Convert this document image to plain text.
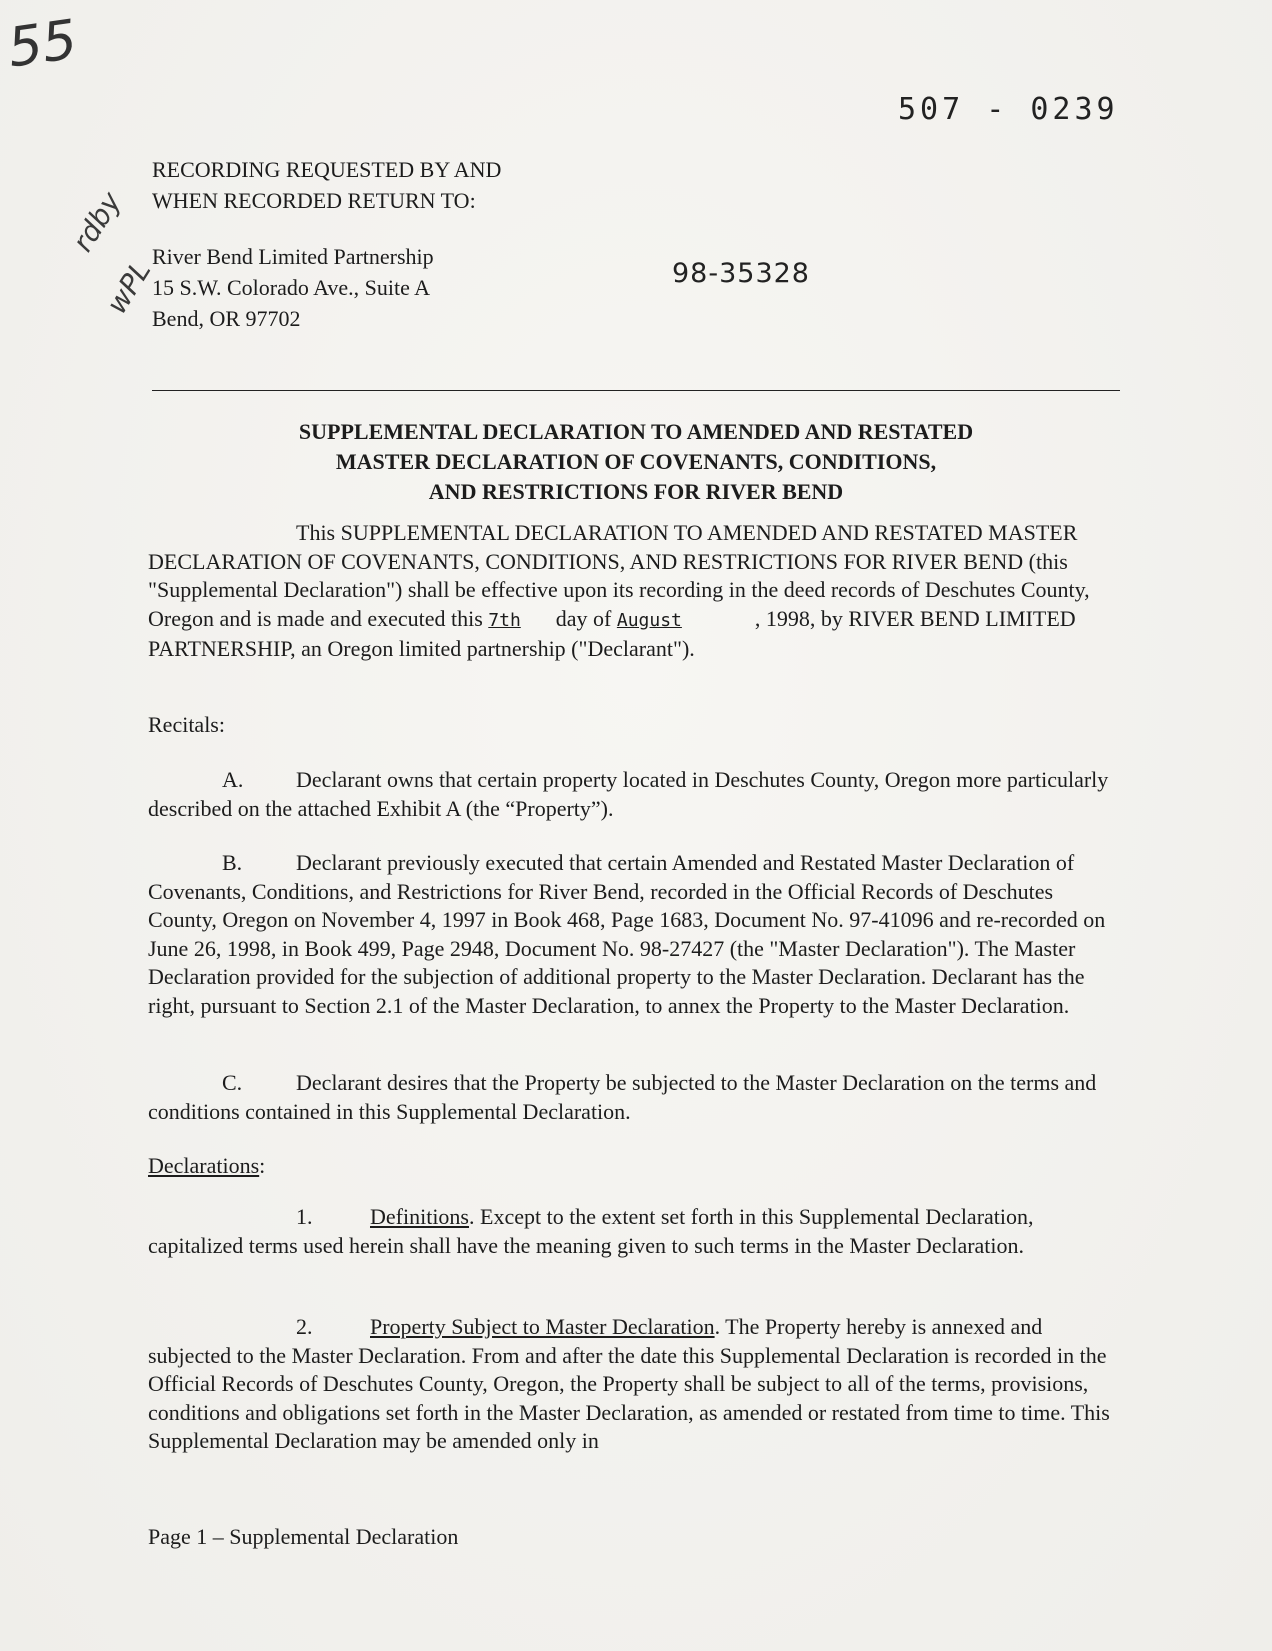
55
507 - 0239
RECORDING REQUESTED BY AND
WHEN RECORDED RETURN TO:
rdby
wPL
River Bend Limited Partnership
15 S.W. Colorado Ave., Suite A
Bend, OR 97702
98-35328
SUPPLEMENTAL DECLARATION TO AMENDED AND RESTATED
MASTER DECLARATION OF COVENANTS, CONDITIONS,
AND RESTRICTIONS FOR RIVER BEND
This SUPPLEMENTAL DECLARATION TO AMENDED AND RESTATED MASTER DECLARATION OF COVENANTS, CONDITIONS, AND RESTRICTIONS FOR RIVER BEND (this "Supplemental Declaration") shall be effective upon its recording in the deed records of Deschutes County, Oregon and is made and executed this 7th day of August	, 1998, by RIVER BEND LIMITED PARTNERSHIP, an Oregon limited partnership ("Declarant").
Recitals:
A. Declarant owns that certain property located in Deschutes County, Oregon more particularly described on the attached Exhibit A (the “Property”).
B. Declarant previously executed that certain Amended and Restated Master Declaration of Covenants, Conditions, and Restrictions for River Bend, recorded in the Official Records of Deschutes County, Oregon on November 4, 1997 in Book 468, Page 1683, Document No. 97-41096 and re-recorded on June 26, 1998, in Book 499, Page 2948, Document No. 98-27427 (the "Master Declaration"). The Master Declaration provided for the subjection of additional property to the Master Declaration. Declarant has the right, pursuant to Section 2.1 of the Master Declaration, to annex the Property to the Master Declaration.
C. Declarant desires that the Property be subjected to the Master Declaration on the terms and conditions contained in this Supplemental Declaration.
Declarations:
1.	Definitions. Except to the extent set forth in this Supplemental Declaration, capitalized terms used herein shall have the meaning given to such terms in the Master Declaration.
2.	Property Subject to Master Declaration. The Property hereby is annexed and subjected to the Master Declaration. From and after the date this Supplemental Declaration is recorded in the Official Records of Deschutes County, Oregon, the Property shall be subject to all of the terms, provisions, conditions and obligations set forth in the Master Declaration, as amended or restated from time to time. This Supplemental Declaration may be amended only in
Page 1 – Supplemental Declaration
